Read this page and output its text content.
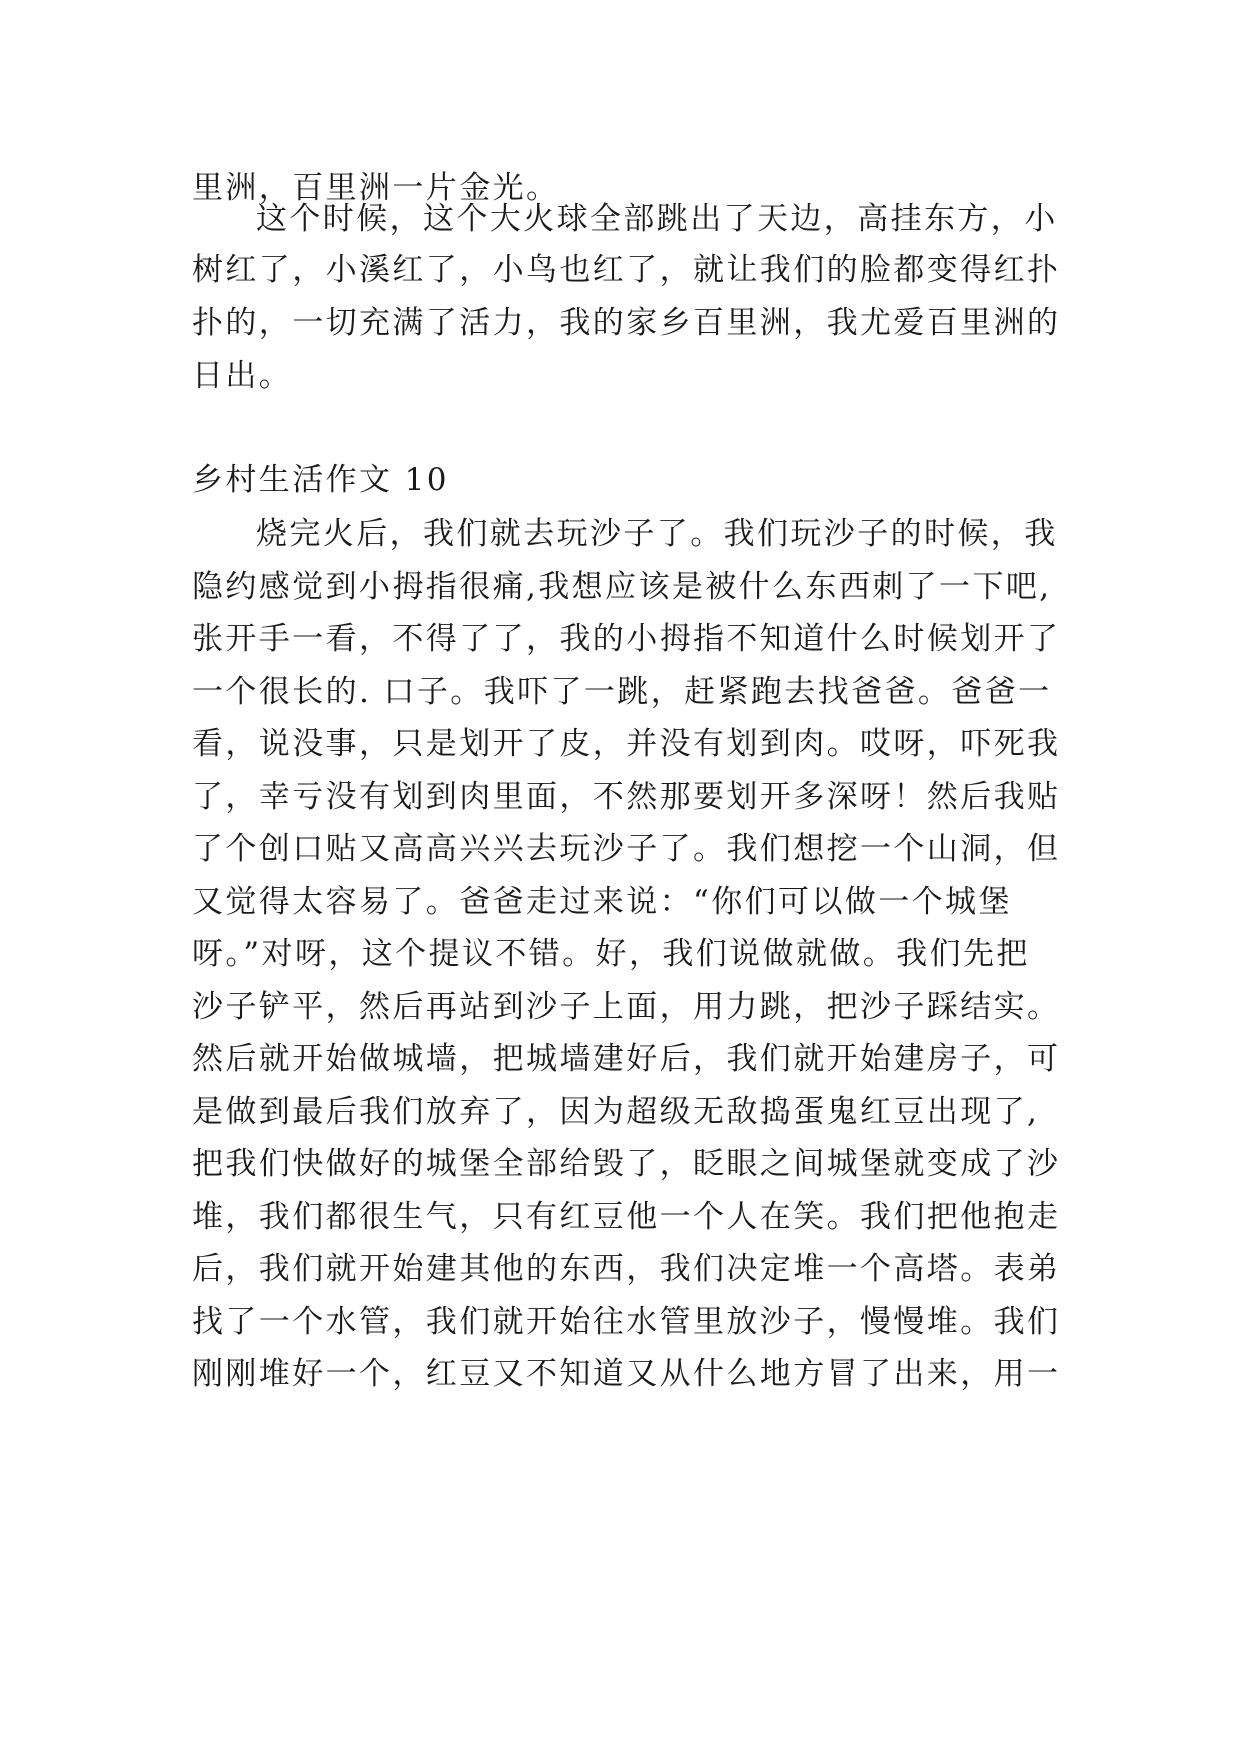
里洲，百里洲一片金光。
这个时候，这个大火球全部跳出了天边，高挂东方，小
树红了，小溪红了，小鸟也红了，就让我们的脸都变得红扑
扑的，一切充满了活力，我的家乡百里洲，我尤爱百里洲的
日出。
乡村生活作文 10
烧完火后，我们就去玩沙子了。我们玩沙子的时候，我
隐约感觉到小拇指很痛,我想应该是被什么东西刺了一下吧,
张开手一看，不得了了，我的小拇指不知道什么时候划开了
一个很长的. 口子。我吓了一跳，赶紧跑去找爸爸。爸爸一
看，说没事，只是划开了皮，并没有划到肉。哎呀，吓死我
了，幸亏没有划到肉里面，不然那要划开多深呀！然后我贴
了个创口贴又高高兴兴去玩沙子了。我们想挖一个山洞，但
又觉得太容易了。爸爸走过来说：“你们可以做一个城堡
呀。”对呀，这个提议不错。好，我们说做就做。我们先把
沙子铲平，然后再站到沙子上面，用力跳，把沙子踩结实。
然后就开始做城墙，把城墙建好后，我们就开始建房子，可
是做到最后我们放弃了，因为超级无敌捣蛋鬼红豆出现了,
把我们快做好的城堡全部给毁了，眨眼之间城堡就变成了沙
堆，我们都很生气，只有红豆他一个人在笑。我们把他抱走
后，我们就开始建其他的东西，我们决定堆一个高塔。表弟
找了一个水管，我们就开始往水管里放沙子，慢慢堆。我们
刚刚堆好一个，红豆又不知道又从什么地方冒了出来，用一
